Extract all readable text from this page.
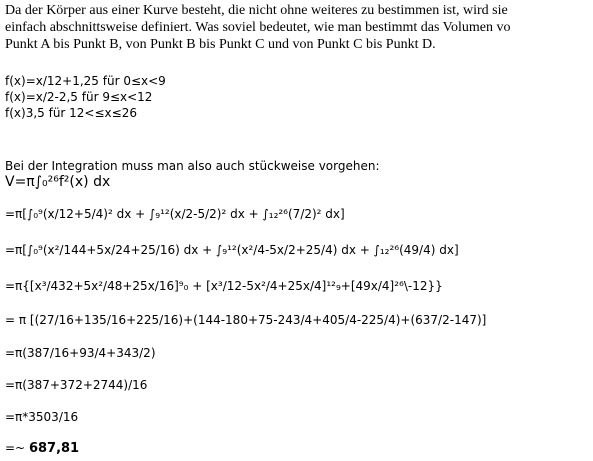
Da der Körper aus einer Kurve besteht, die nicht ohne weiteres zu bestimmen ist, wird sie
einfach abschnittsweise definiert. Was soviel bedeutet, wie man bestimmt das Volumen vo
Punkt A bis Punkt B, von Punkt B bis Punkt C und von Punkt C bis Punkt D.
f(x)=x/12+1,25 für 0≤x<9
f(x)=x/2-2,5 für 9≤x<12
f(x)3,5 für 12<≤x≤26
Bei der Integration muss man also auch stückweise vorgehen:
V=π∫₀²⁶f²(x) dx
=π[∫₀⁹(x/12+5/4)² dx + ∫₉¹²(x/2-5/2)² dx + ∫₁₂²⁶(7/2)² dx]
=π[∫₀⁹(x²/144+5x/24+25/16) dx + ∫₉¹²(x²/4-5x/2+25/4) dx + ∫₁₂²⁶(49/4) dx]
=π{[x³/432+5x²/48+25x/16]⁹₀ + [x³/12-5x²/4+25x/4]¹²₉+[49x/4]²⁶\-12}}
= π [(27/16+135/16+225/16)+(144-180+75-243/4+405/4-225/4)+(637/2-147)]
=π(387/16+93/4+343/2)
=π(387+372+2744)/16
=π*3503/16
=~ 687,81
